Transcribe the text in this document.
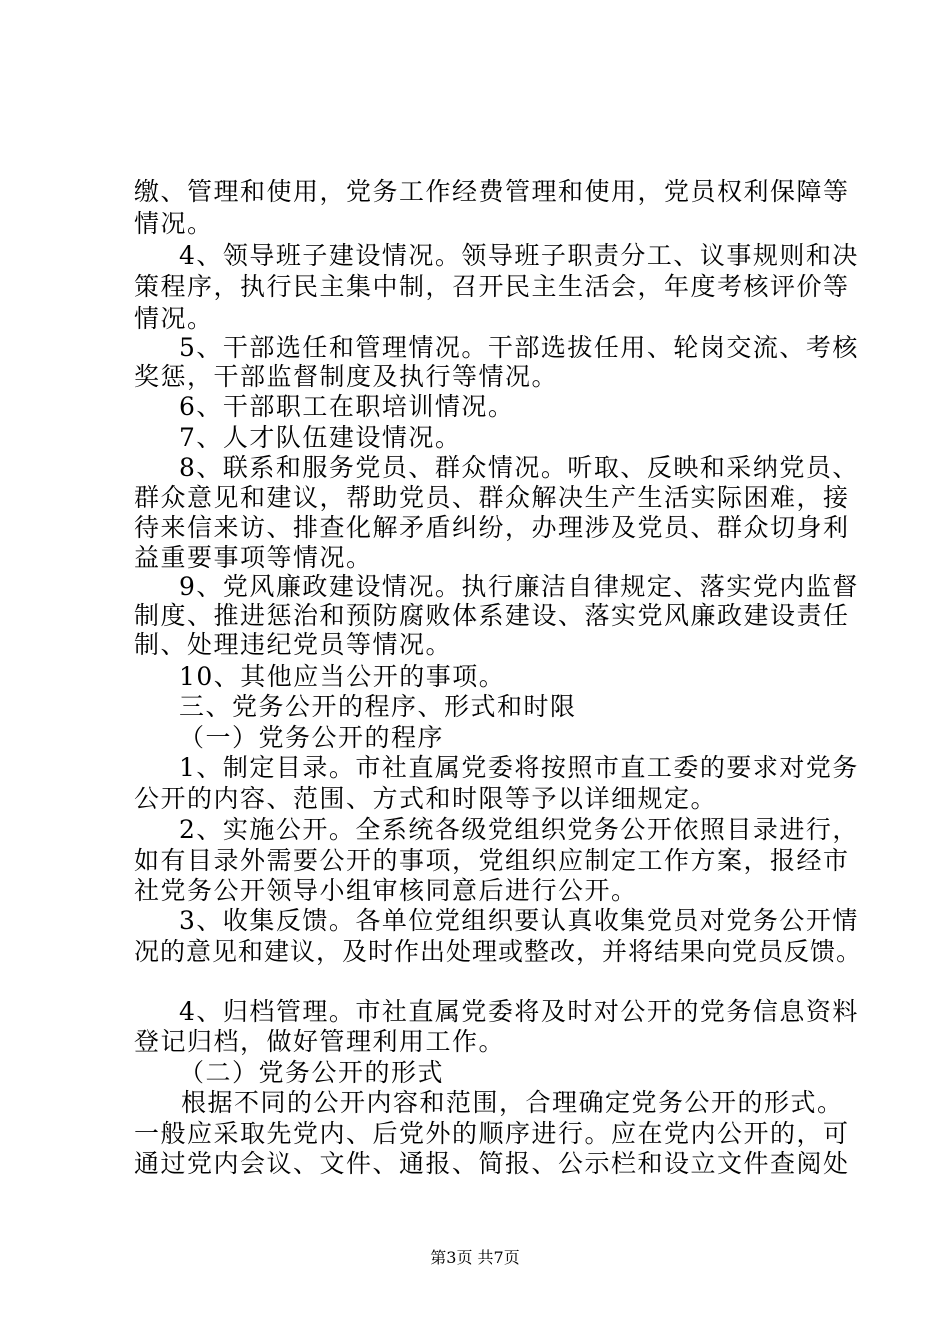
缴、管理和使用，党务工作经费管理和使用，党员权利保障等
情况。
4、领导班子建设情况。领导班子职责分工、议事规则和决
策程序，执行民主集中制，召开民主生活会，年度考核评价等
情况。
5、干部选任和管理情况。干部选拔任用、轮岗交流、考核
奖惩，干部监督制度及执行等情况。
6、干部职工在职培训情况。
7、人才队伍建设情况。
8、联系和服务党员、群众情况。听取、反映和采纳党员、
群众意见和建议，帮助党员、群众解决生产生活实际困难，接
待来信来访、排查化解矛盾纠纷，办理涉及党员、群众切身利
益重要事项等情况。
9、党风廉政建设情况。执行廉洁自律规定、落实党内监督
制度、推进惩治和预防腐败体系建设、落实党风廉政建设责任
制、处理违纪党员等情况。
10、其他应当公开的事项。
三、党务公开的程序、形式和时限
（一）党务公开的程序
1、制定目录。市社直属党委将按照市直工委的要求对党务
公开的内容、范围、方式和时限等予以详细规定。
2、实施公开。全系统各级党组织党务公开依照目录进行，
如有目录外需要公开的事项，党组织应制定工作方案，报经市
社党务公开领导小组审核同意后进行公开。
3、收集反馈。各单位党组织要认真收集党员对党务公开情
况的意见和建议，及时作出处理或整改，并将结果向党员反馈。
4、归档管理。市社直属党委将及时对公开的党务信息资料
登记归档，做好管理利用工作。
（二）党务公开的形式
根据不同的公开内容和范围，合理确定党务公开的形式。
一般应采取先党内、后党外的顺序进行。应在党内公开的，可
通过党内会议、文件、通报、简报、公示栏和设立文件查阅处
第3页 共7页
